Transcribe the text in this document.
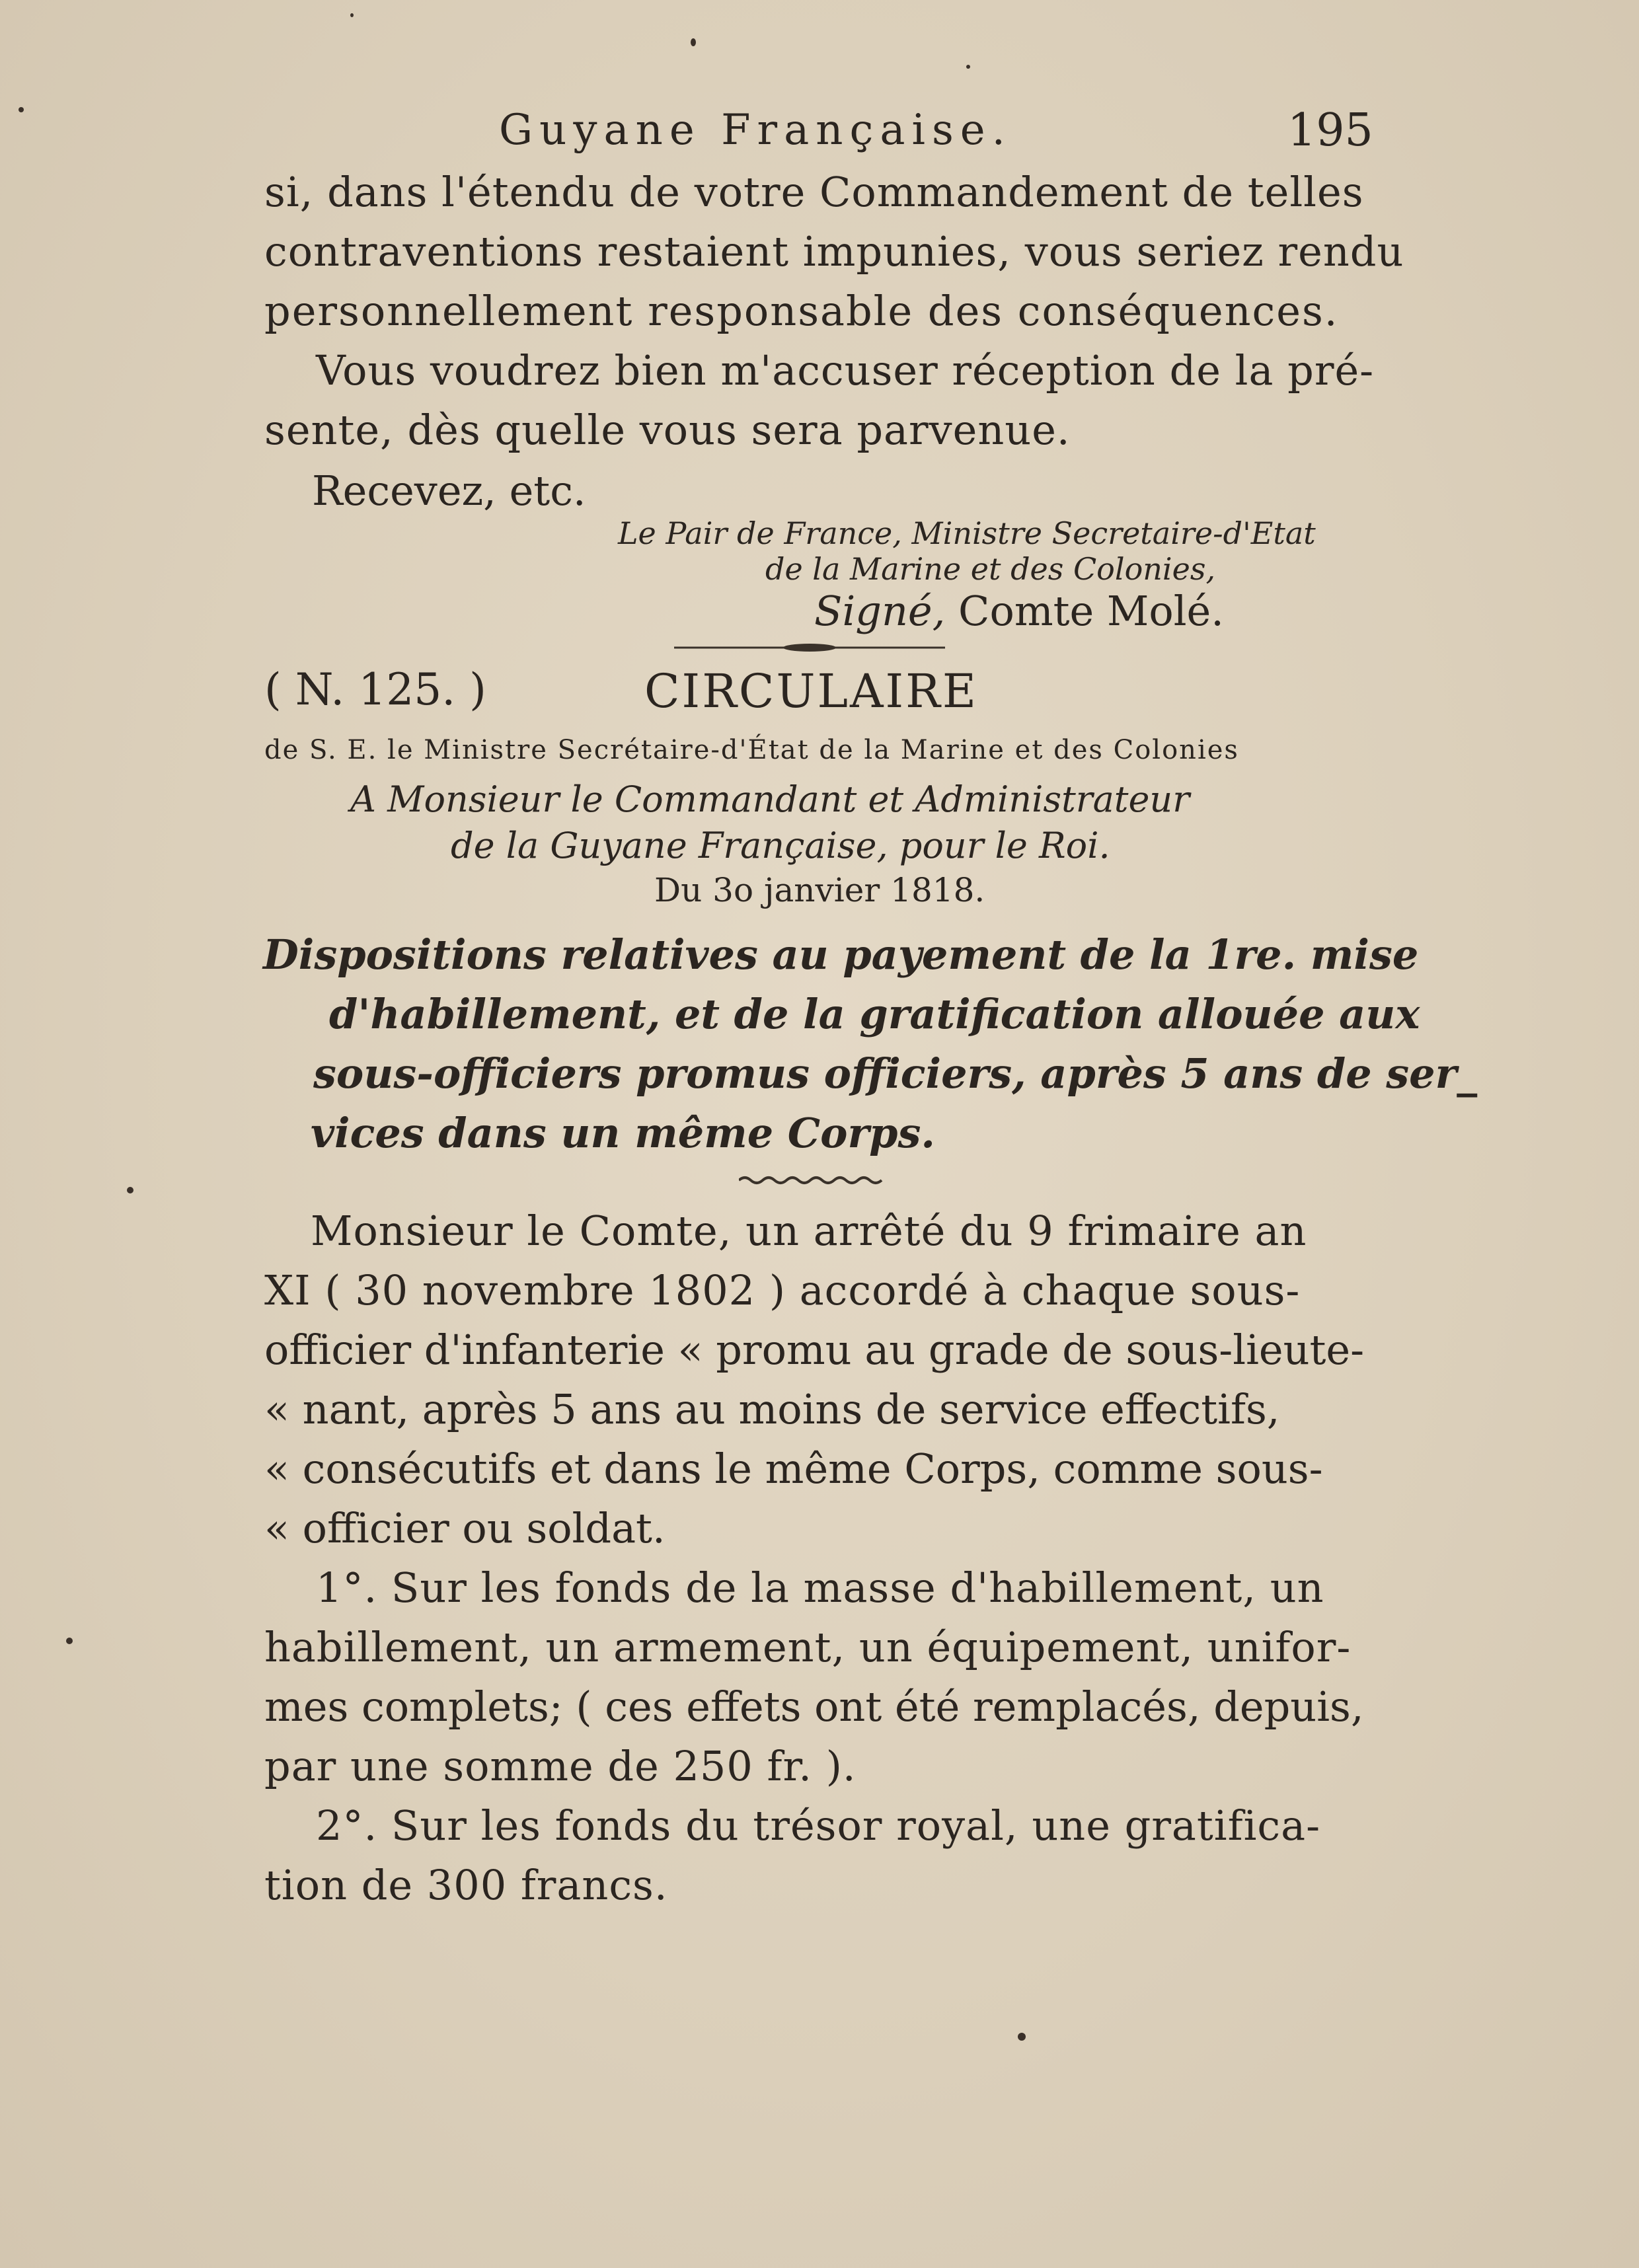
Guyane Française.	195
si, dans l'étendu de votre Commandement de telles
contraventions restaient impunies, vous seriez rendu
personnellement responsable des conséquences.
Vous voudrez bien m'accuser réception de la pré-
sente, dès quelle vous sera parvenue.
Recevez, etc.
Le Pair de France, Ministre Secretaire-d'Etat
de la Marine et des Colonies,
Signé, Comte Molé.
( N. 125. )	CIRCULAIRE
de S. E. le Ministre Secrétaire-d'État de la Marine et des Colonies
A Monsieur le Commandant et Administrateur
de la Guyane Française, pour le Roi.
Du 3o janvier 1818.
Dispositions relatives au payement de la 1re. mise
d'habillement, et de la gratification allouée aux
sous-officiers promus officiers, après 5 ans de ser_
vices dans un même Corps.
Monsieur le Comte, un arrêté du 9 frimaire an
XI ( 30 novembre 1802 ) accordé à chaque sous-
officier d'infanterie « promu au grade de sous-lieute-
« nant, après 5 ans au moins de service effectifs,
« consécutifs et dans le même Corps, comme sous-
« officier ou soldat.
1°. Sur les fonds de la masse d'habillement, un
habillement, un armement, un équipement, unifor-
mes complets; ( ces effets ont été remplacés, depuis,
par une somme de 250 fr. ).
2°. Sur les fonds du trésor royal, une gratifica-
tion de 300 francs.
